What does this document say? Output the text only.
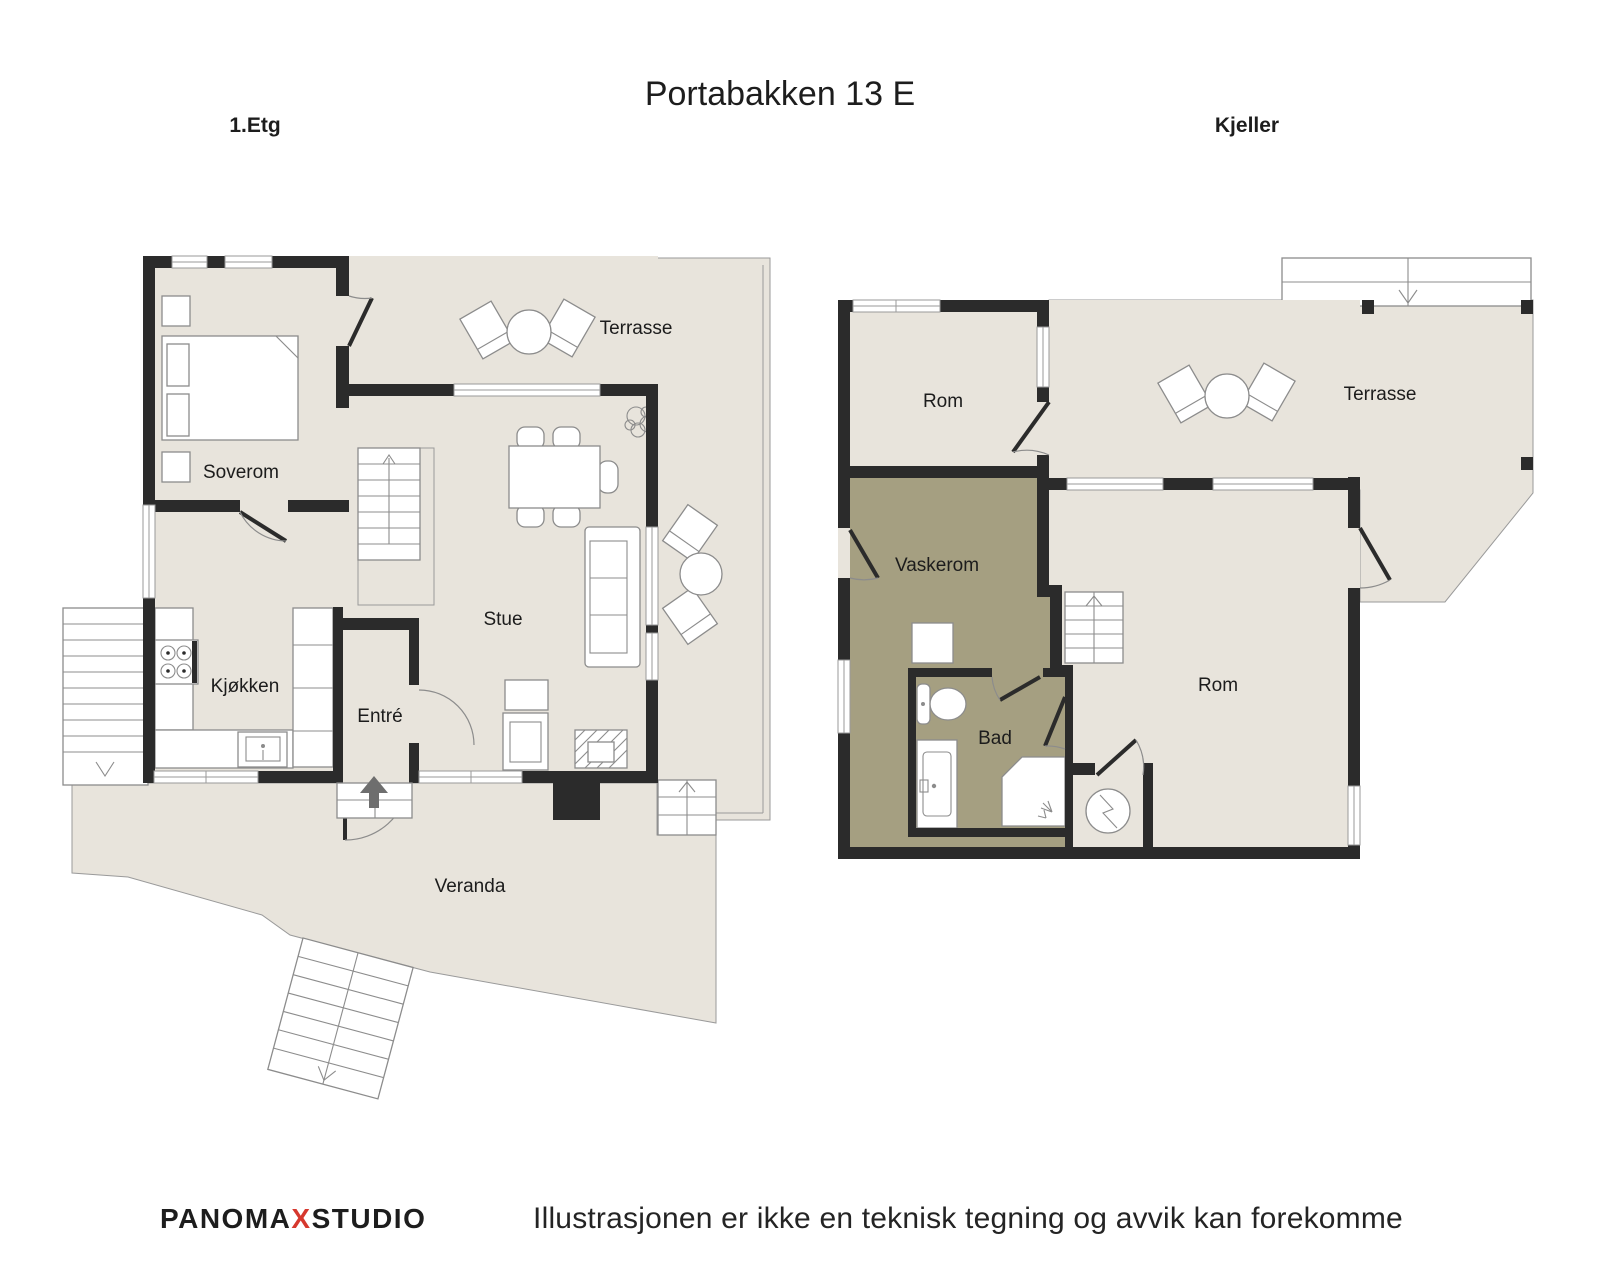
Portabakken 13 E
1.Etg	Kjeller
Soverom
Terrasse
Stue
Kjøkken
Entré
Veranda
Rom	Terrasse
Vaskerom
Bad
Rom
PANOMAXSTUDIO	Illustrasjonen er ikke en teknisk tegning og avvik kan forekomme
